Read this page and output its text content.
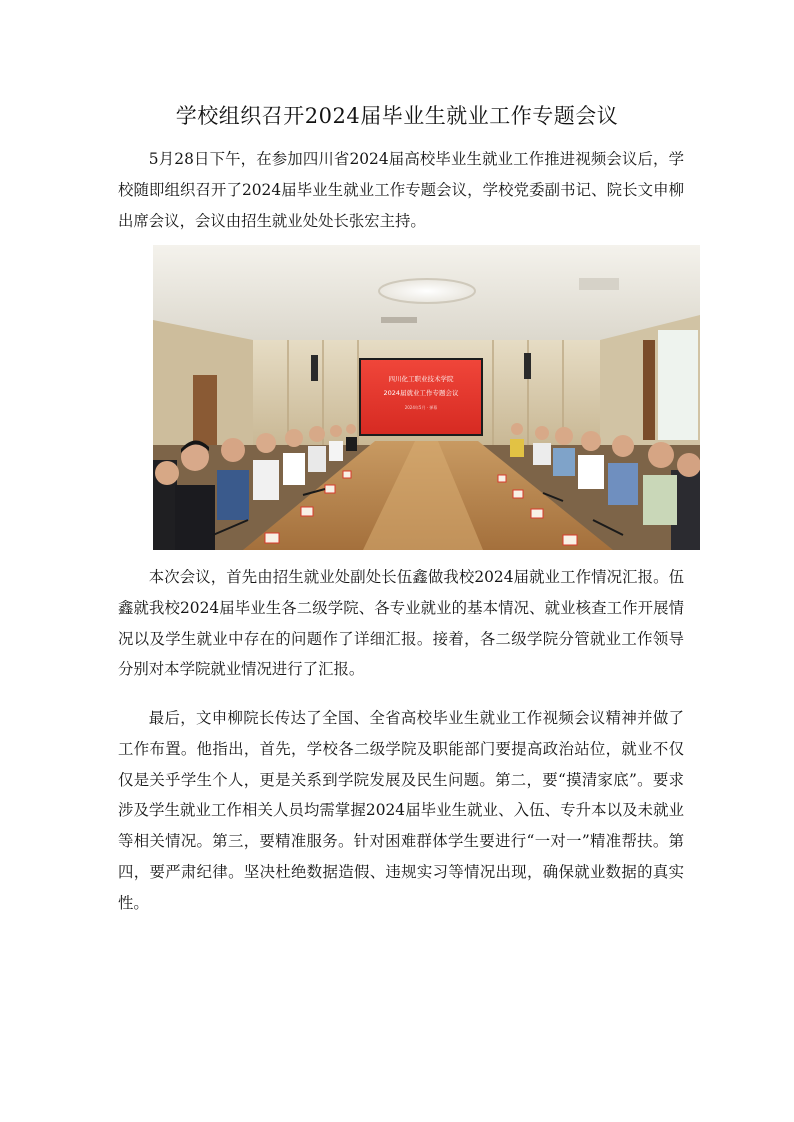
学校组织召开2024届毕业生就业工作专题会议

5月28日下午，在参加四川省2024届高校毕业生就业工作推进视频会议后，学校随即组织召开了2024届毕业生就业工作专题会议，学校党委副书记、院长文申柳出席会议，会议由招生就业处处长张宏主持。

四川化工职业技术学院
2024届就业工作专题会议
2024年5月 · 弹幕

本次会议，首先由招生就业处副处长伍鑫做我校2024届就业工作情况汇报。伍鑫就我校2024届毕业生各二级学院、各专业就业的基本情况、就业核查工作开展情况以及学生就业中存在的问题作了详细汇报。接着，各二级学院分管就业工作领导分别对本学院就业情况进行了汇报。

最后，文申柳院长传达了全国、全省高校毕业生就业工作视频会议精神并做了工作布置。他指出，首先，学校各二级学院及职能部门要提高政治站位，就业不仅仅是关乎学生个人，更是关系到学院发展及民生问题。第二，要“摸清家底”。要求涉及学生就业工作相关人员均需掌握2024届毕业生就业、入伍、专升本以及未就业等相关情况。第三，要精准服务。针对困难群体学生要进行“一对一”精准帮扶。第四，要严肃纪律。坚决杜绝数据造假、违规实习等情况出现，确保就业数据的真实性。
